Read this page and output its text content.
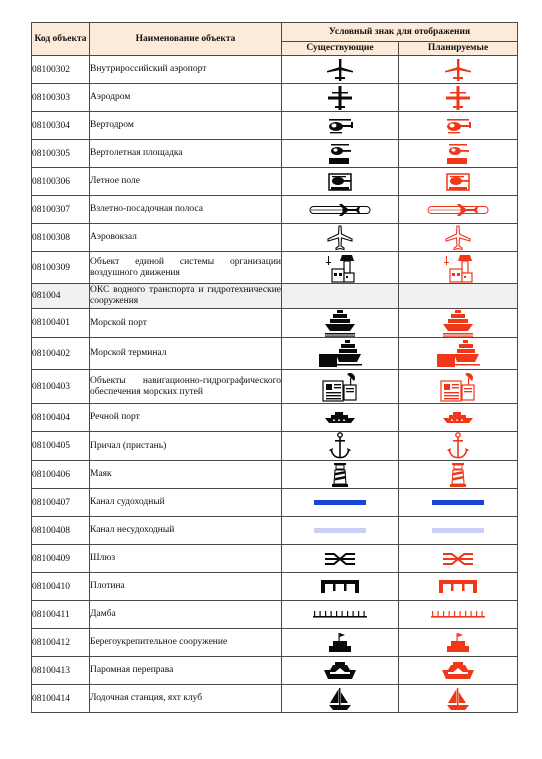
Код объекта	Наименование объекта	Условный знак для отображения	
		Существующие	Планируемые
08100302	Внутрироссийский аэропорт	

08100303	Аэродром	

08100304	Вертодром	

08100305	Вертолетная площадка	

08100306	Летное поле	

08100307	Взлетно-посадочная полоса	

08100308	Аэровокзал	

08100309	Объект единой системы организации воздушного движения	

081004	ОКС водного транспорта и гидротехнические сооружения		
08100401	Морской порт	

08100402	Морской терминал	

08100403	Объекты навигационно-гидрографического обеспечения морских путей	

08100404	Речной порт	

08100405	Причал (пристань)	

08100406	Маяк	

08100407	Канал судоходный	

08100408	Канал несудоходный	

08100409	Шлюз	

08100410	Плотина	

08100411	Дамба	

08100412	Берегоукрепительное сооружение	

08100413	Паромная переправа	

08100414	Лодочная станция, яхт клуб	
